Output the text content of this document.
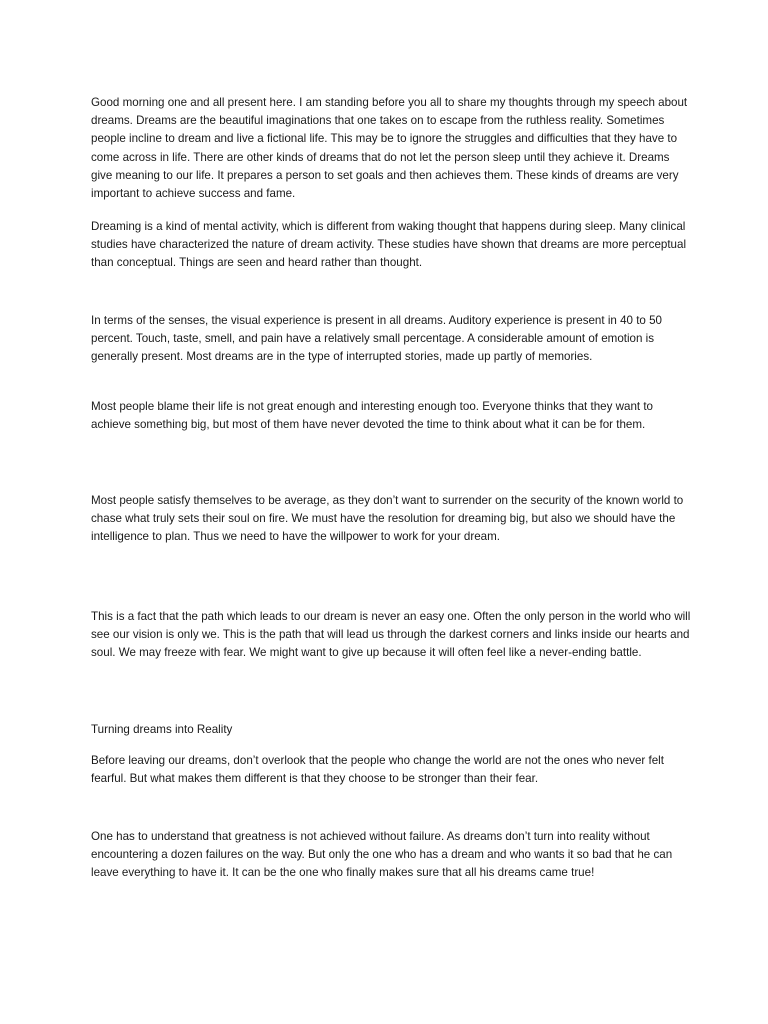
Good morning one and all present here. I am standing before you all to share my thoughts through my speech about dreams. Dreams are the beautiful imaginations that one takes on to escape from the ruthless reality. Sometimes people incline to dream and live a fictional life. This may be to ignore the struggles and difficulties that they have to come across in life. There are other kinds of dreams that do not let the person sleep until they achieve it. Dreams give meaning to our life. It prepares a person to set goals and then achieves them. These kinds of dreams are very important to achieve success and fame.

Dreaming is a kind of mental activity, which is different from waking thought that happens during sleep. Many clinical studies have characterized the nature of dream activity. These studies have shown that dreams are more perceptual than conceptual. Things are seen and heard rather than thought.

In terms of the senses, the visual experience is present in all dreams. Auditory experience is present in 40 to 50 percent. Touch, taste, smell, and pain have a relatively small percentage. A considerable amount of emotion is generally present. Most dreams are in the type of interrupted stories, made up partly of memories.

Most people blame their life is not great enough and interesting enough too. Everyone thinks that they want to achieve something big, but most of them have never devoted the time to think about what it can be for them.

Most people satisfy themselves to be average, as they don’t want to surrender on the security of the known world to chase what truly sets their soul on fire. We must have the resolution for dreaming big, but also we should have the intelligence to plan. Thus we need to have the willpower to work for your dream.

This is a fact that the path which leads to our dream is never an easy one. Often the only person in the world who will see our vision is only we. This is the path that will lead us through the darkest corners and links inside our hearts and soul. We may freeze with fear. We might want to give up because it will often feel like a never-ending battle.

Turning dreams into Reality

Before leaving our dreams, don’t overlook that the people who change the world are not the ones who never felt fearful. But what makes them different is that they choose to be stronger than their fear.

One has to understand that greatness is not achieved without failure. As dreams don’t turn into reality without encountering a dozen failures on the way. But only the one who has a dream and who wants it so bad that he can leave everything to have it. It can be the one who finally makes sure that all his dreams came true!
